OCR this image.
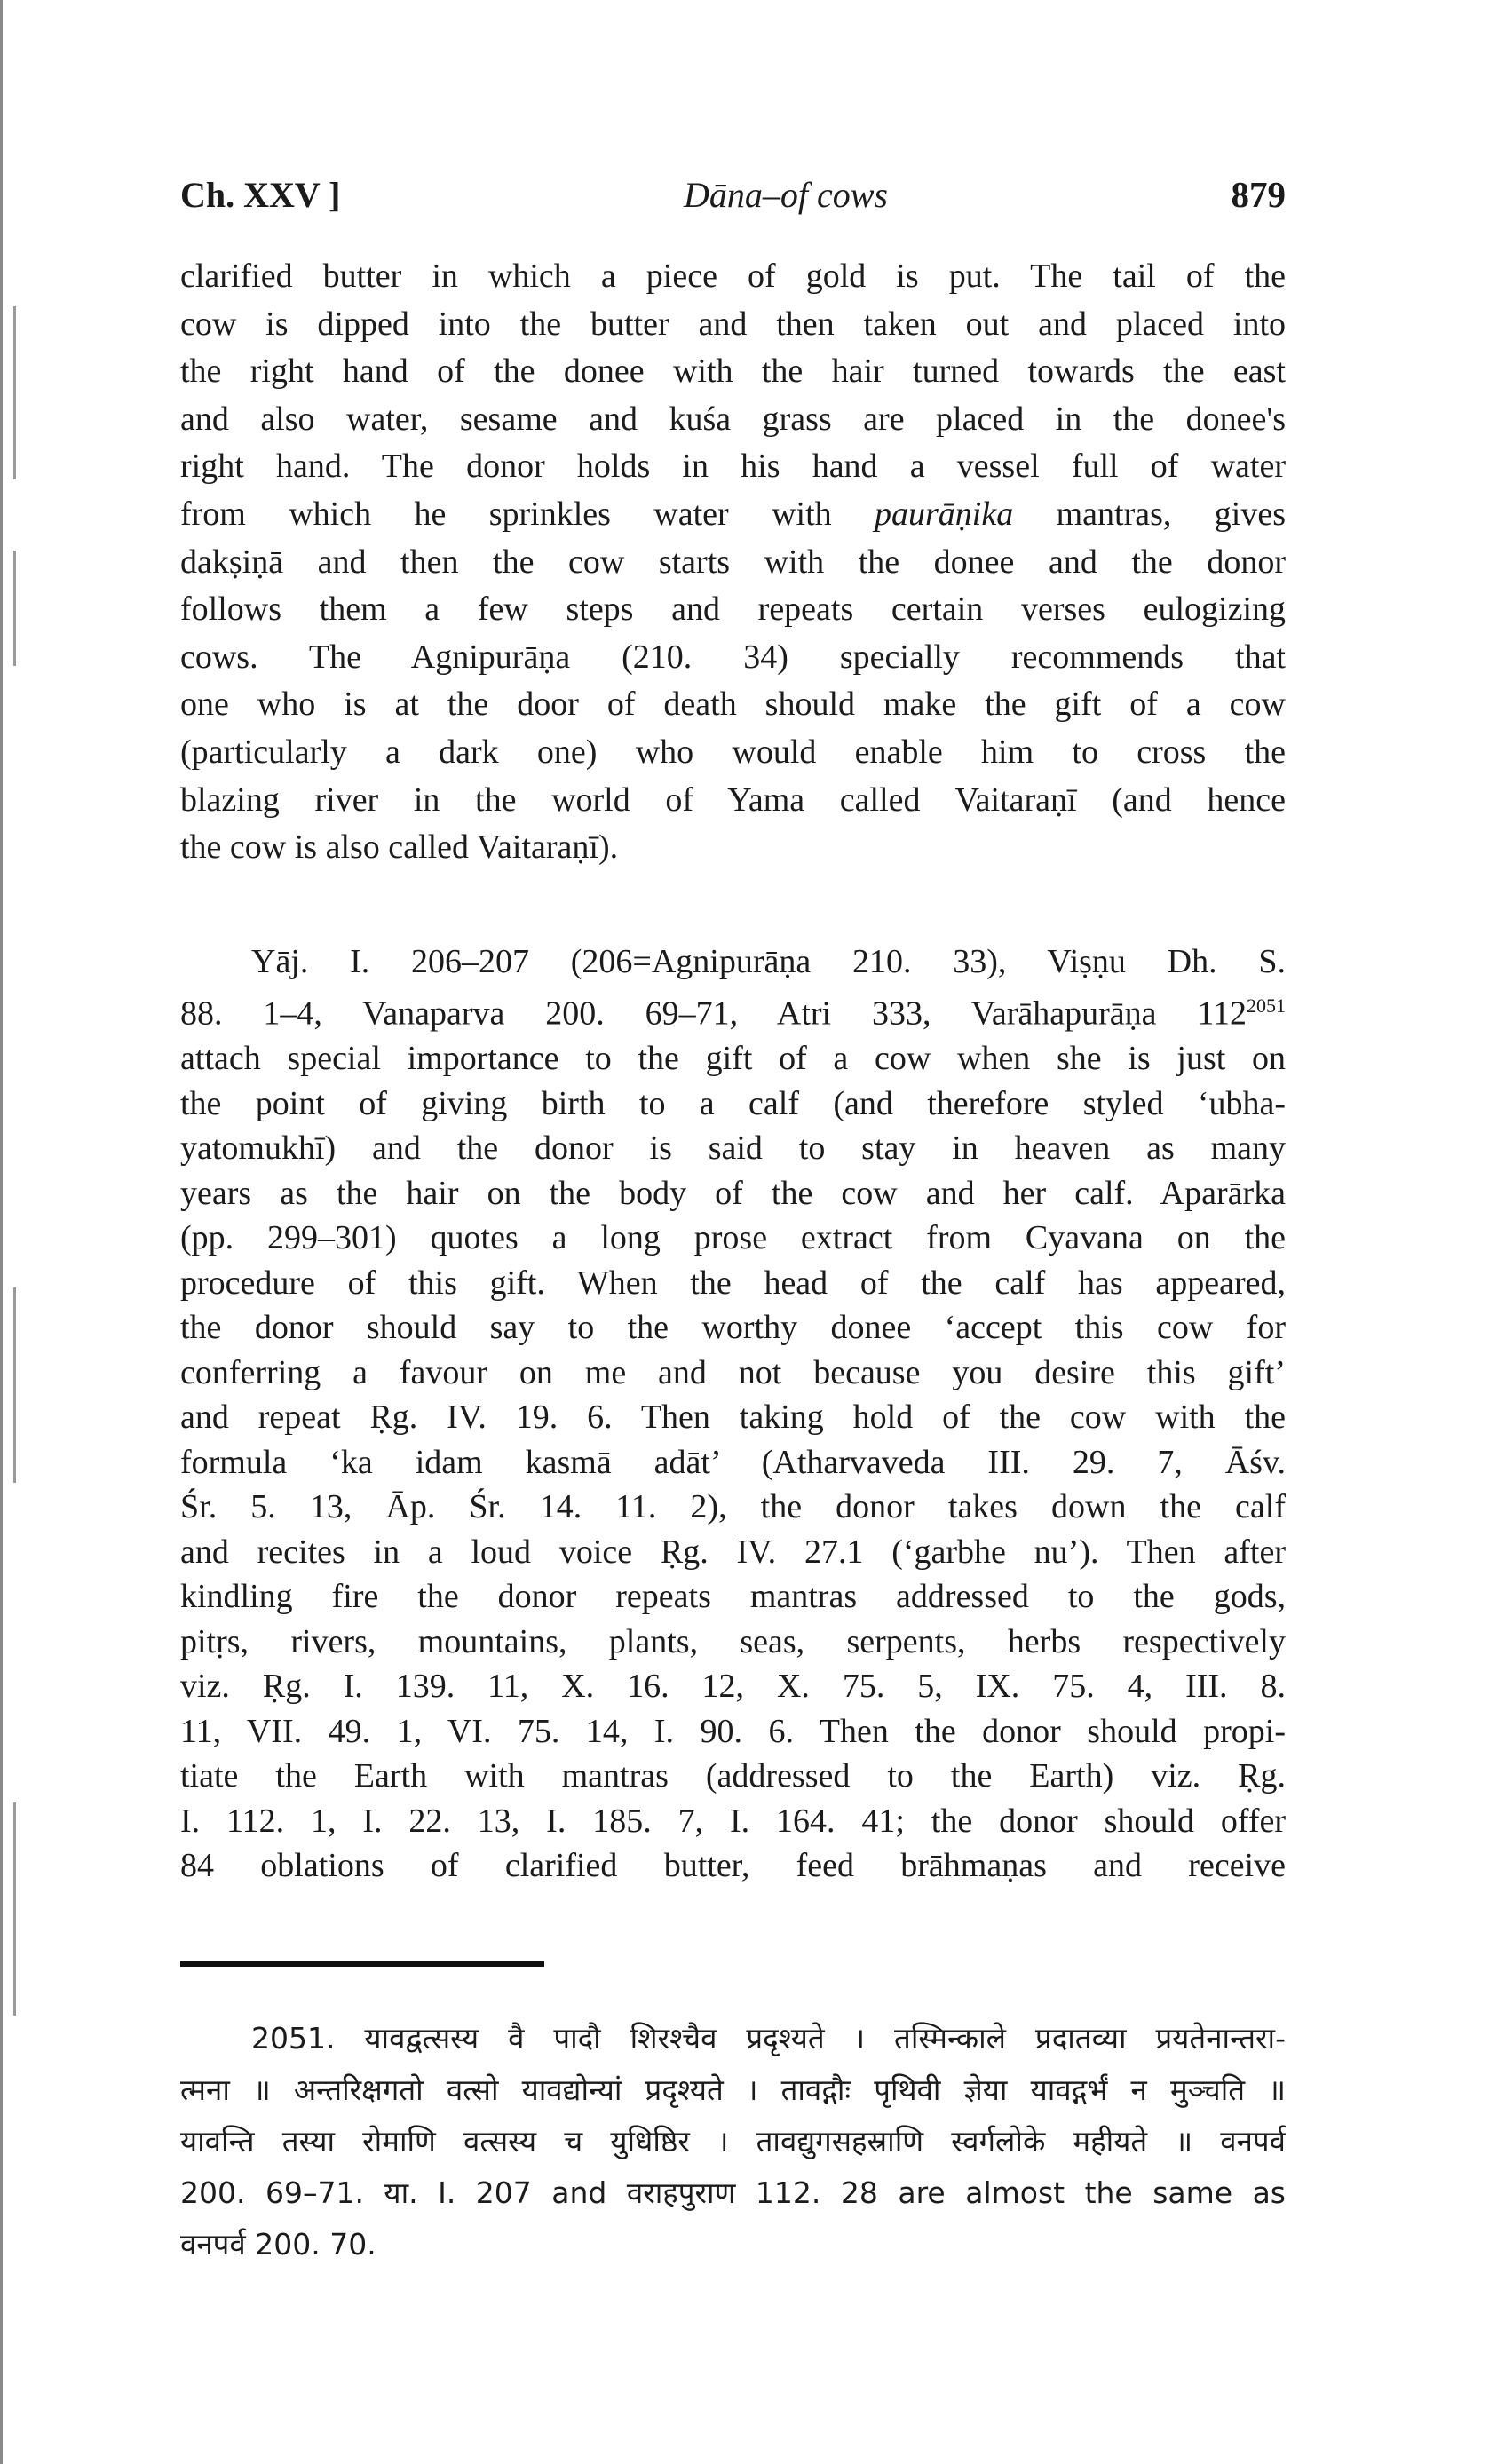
Ch. XXV ]	Dāna–of cows	879
clarified butter in which a piece of gold is put. The tail of the
cow is dipped into the butter and then taken out and placed into
the right hand of the donee with the hair turned towards the east
and also water, sesame and kuśa grass are placed in the donee's
right hand. The donor holds in his hand a vessel full of water
from which he sprinkles water with paurāṇika mantras, gives
dakṣiṇā and then the cow starts with the donee and the donor
follows them a few steps and repeats certain verses eulogizing
cows. The Agnipurāṇa (210. 34) specially recommends that
one who is at the door of death should make the gift of a cow
(particularly a dark one) who would enable him to cross the
blazing river in the world of Yama called Vaitaraṇī (and hence
the cow is also called Vaitaraṇī).
Yāj. I. 206–207 (206=Agnipurāṇa 210. 33), Viṣṇu Dh. S.
88. 1–4, Vanaparva 200. 69–71, Atri 333, Varāhapurāṇa $112^{2051}$
attach special importance to the gift of a cow when she is just on
the point of giving birth to a calf (and therefore styled ‘ubha-
yatomukhī) and the donor is said to stay in heaven as many
years as the hair on the body of the cow and her calf. Aparārka
(pp. 299–301) quotes a long prose extract from Cyavana on the
procedure of this gift. When the head of the calf has appeared,
the donor should say to the worthy donee ‘accept this cow for
conferring a favour on me and not because you desire this gift’
and repeat Ṛg. IV. 19. 6. Then taking hold of the cow with the
formula ‘ka idam kasmā adāt’ (Atharvaveda III. 29. 7, Āśv.
Śr. 5. 13, Āp. Śr. 14. 11. 2), the donor takes down the calf
and recites in a loud voice Ṛg. IV. 27.1 (‘garbhe nu’). Then after
kindling fire the donor repeats mantras addressed to the gods,
pitṛs, rivers, mountains, plants, seas, serpents, herbs respectively
viz. Ṛg. I. 139. 11, X. 16. 12, X. 75. 5, IX. 75. 4, III. 8.
11, VII. 49. 1, VI. 75. 14, I. 90. 6. Then the donor should propi-
tiate the Earth with mantras (addressed to the Earth) viz. Ṛg.
I. 112. 1, I. 22. 13, I. 185. 7, I. 164. 41; the donor should offer
84 oblations of clarified butter, feed brāhmaṇas and receive
2051. यावद्वत्सस्य वै पादौ शिरश्चैव प्रदृश्यते । तस्मिन्काले प्रदातव्या प्रयतेनान्तरा-
त्मना ॥ अन्तरिक्षगतो वत्सो यावद्योन्यां प्रदृश्यते । तावद्गौः पृथिवी ज्ञेया यावद्गर्भं न मुञ्चति ॥
यावन्ति तस्या रोमाणि वत्सस्य च युधिष्ठिर । तावद्युगसहस्राणि स्वर्गलोके महीयते ॥ वनपर्व
200. 69–71. या. I. 207 and वराहपुराण 112. 28 are almost the same as
वनपर्व 200. 70.
